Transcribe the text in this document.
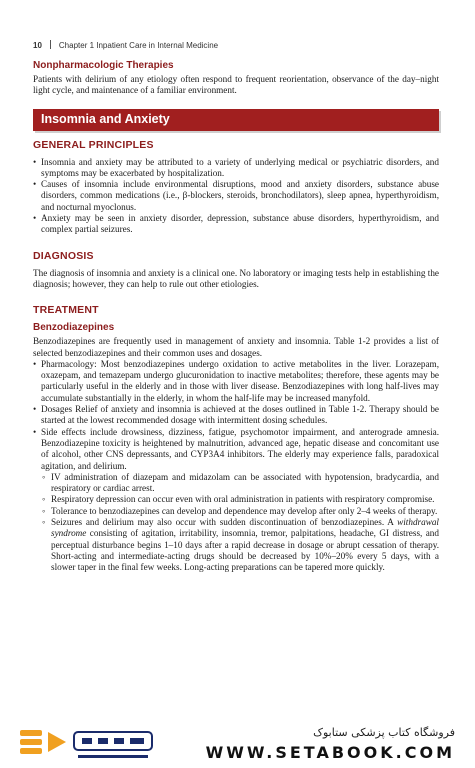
10 Chapter 1 Inpatient Care in Internal Medicine
Nonpharmacologic Therapies

Patients with delirium of any etiology often respond to frequent reorientation, observance of the day–night light cycle, and maintenance of a familiar environment.

Insomnia and Anxiety
GENERAL PRINCIPLES
• Insomnia and anxiety may be attributed to a variety of underlying medical or psychiatric disorders, and symptoms may be exacerbated by hospitalization.
• Causes of insomnia include environmental disruptions, mood and anxiety disorders, substance abuse disorders, common medications (i.e., β-blockers, steroids, bronchodilators), sleep apnea, hyperthyroidism, and nocturnal myoclonus.
• Anxiety may be seen in anxiety disorder, depression, substance abuse disorders, hyperthyroidism, and complex partial seizures.
DIAGNOSIS

The diagnosis of insomnia and anxiety is a clinical one. No laboratory or imaging tests help in establishing the diagnosis; however, they can help to rule out other etiologies.

TREATMENT
Benzodiazepines

Benzodiazepines are frequently used in management of anxiety and insomnia. Table 1-2 provides a list of selected benzodiazepines and their common uses and dosages.

• Pharmacology: Most benzodiazepines undergo oxidation to active metabolites in the liver. Lorazepam, oxazepam, and temazepam undergo glucuronidation to inactive metabolites; therefore, these agents may be particularly useful in the elderly and in those with liver disease. Benzodiazepines with long half-lives may accumulate substantially in the elderly, in whom the half-life may be increased manyfold.
• Dosages Relief of anxiety and insomnia is achieved at the doses outlined in Table 1-2. Therapy should be started at the lowest recommended dosage with intermittent dosing schedules.
• Side effects include drowsiness, dizziness, fatigue, psychomotor impairment, and anterograde amnesia. Benzodiazepine toxicity is heightened by malnutrition, advanced age, hepatic disease and concomitant use of alcohol, other CNS depressants, and CYP3A4 inhibitors. The elderly may experience falls, paradoxical agitation, and delirium.
◦ IV administration of diazepam and midazolam can be associated with hypotension, bradycardia, and respiratory or cardiac arrest.
◦ Respiratory depression can occur even with oral administration in patients with respiratory compromise.
◦ Tolerance to benzodiazepines can develop and dependence may develop after only 2–4 weeks of therapy.
◦ Seizures and delirium may also occur with sudden discontinuation of benzodiazepines. A withdrawal syndrome consisting of agitation, irritability, insomnia, tremor, palpitations, headache, GI distress, and perceptual disturbance begins 1–10 days after a rapid decrease in dosage or abrupt cessation of therapy. Short-acting and intermediate-acting drugs should be decreased by 10%–20% every 5 days, with a slower taper in the final few weeks. Long-acting preparations can be tapered more quickly.
فروشگاه کتاب پزشکی ستابوک
WWW.SETABOOK.COM
